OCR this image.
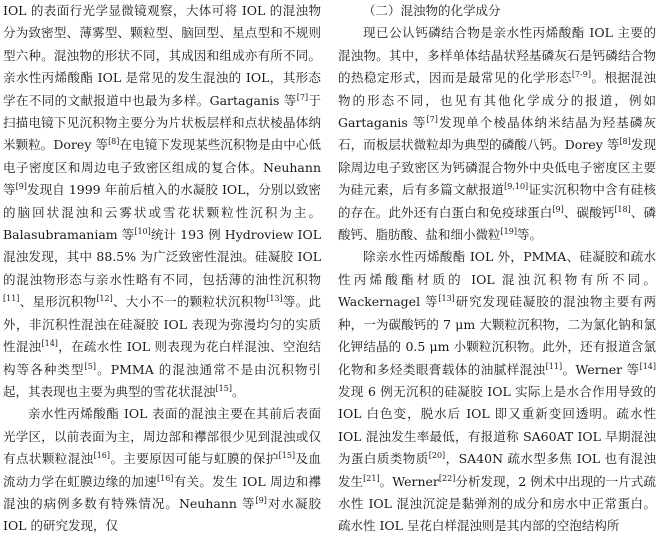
IOL 的表面行光学显微镜观察，大体可将 IOL 的混浊物分为致密型、薄雾型、颗粒型、脑回型、星点型和不规则型六种。混浊物的形状不同，其成因和组成亦有所不同。亲水性丙烯酸酯 IOL 是常见的发生混浊的 IOL，其形态学在不同的文献报道中也最为多样。Gartaganis 等[7]于扫描电镜下见沉积物主要分为片状板层样和点状棱晶体纳米颗粒。Dorey 等[8]在电镜下发现某些沉积物是由中心低电子密度区和周边电子致密区组成的复合体。Neuhann 等[9]发现自 1999 年前后植入的水凝胶 IOL，分别以致密的脑回状混浊和云雾状或雪花状颗粒性沉积为主。Balasubramaniam 等[10]统计 193 例 Hydroview IOL 混浊发现，其中 88.5% 为广泛致密性混浊。硅凝胶 IOL 的混浊物形态与亲水性略有不同，包括薄的油性沉积物[11]、星形沉积物[12]、大小不一的颗粒状沉积物[13]等。此外，非沉积性混浊在硅凝胶 IOL 表现为弥漫均匀的实质性混浊[14]，在疏水性 IOL 则表现为花白样混浊、空泡结构等各种类型[5]。PMMA 的混浊通常不是由沉积物引起，其表现也主要为典型的雪花状混浊[15]。

亲水性丙烯酸酯 IOL 表面的混浊主要在其前后表面光学区，以前表面为主，周边部和襻部很少见到混浊或仅有点状颗粒混浊[16]。主要原因可能与虹膜的保护[15]及血流动力学在虹膜边缘的加速[16]有关。发生 IOL 周边和襻混浊的病例多数有特殊情况。Neuhann 等[9]对水凝胶 IOL 的研究发现，仅

（二）混浊物的化学成分

现已公认钙磷结合物是亲水性丙烯酸酯 IOL 主要的混浊物。其中，多样单体结晶状羟基磷灰石是钙磷结合物的热稳定形式，因而是最常见的化学形态[7-9]。根据混浊物的形态不同，也见有其他化学成分的报道，例如 Gartaganis 等[7]发现单个棱晶体纳米结晶为羟基磷灰石，而板层状微粒却为典型的磷酸八钙。Dorey 等[8]发现除周边电子致密区为钙磷混合物外中央低电子密度区主要为硅元素，后有多篇文献报道[9,10]证实沉积物中含有硅核的存在。此外还有白蛋白和免疫球蛋白[9]、碳酸钙[18]、磷酸钙、脂肪酸、盐和细小微粒[19]等。

除亲水性丙烯酸酯 IOL 外，PMMA、硅凝胶和疏水性丙烯酸酯材质的 IOL 混浊沉积物有所不同。Wackernagel 等[13]研究发现硅凝胶的混浊物主要有两种，一为碳酸钙的 7 μm 大颗粒沉积物，二为氯化钠和氯化钾结晶的 0.5 μm 小颗粒沉积物。此外，还有报道含氯化物和多烃类眼膏载体的油腻样混浊[11]。Werner 等[14]发现 6 例无沉积的硅凝胶 IOL 实际上是水合作用导致的 IOL 白色变，脱水后 IOL 即又重新变回透明。疏水性 IOL 混浊发生率最低，有报道称 SA60AT IOL 早期混浊为蛋白质类物质[20]，SA40N 疏水型多焦 IOL 也有混浊发生[21]。Werner[22]分析发现，2 例术中出现的一片式疏水性 IOL 混浊沉淀是黏弹剂的成分和房水中正常蛋白。疏水性 IOL 呈花白样混浊则是其内部的空泡结构所
